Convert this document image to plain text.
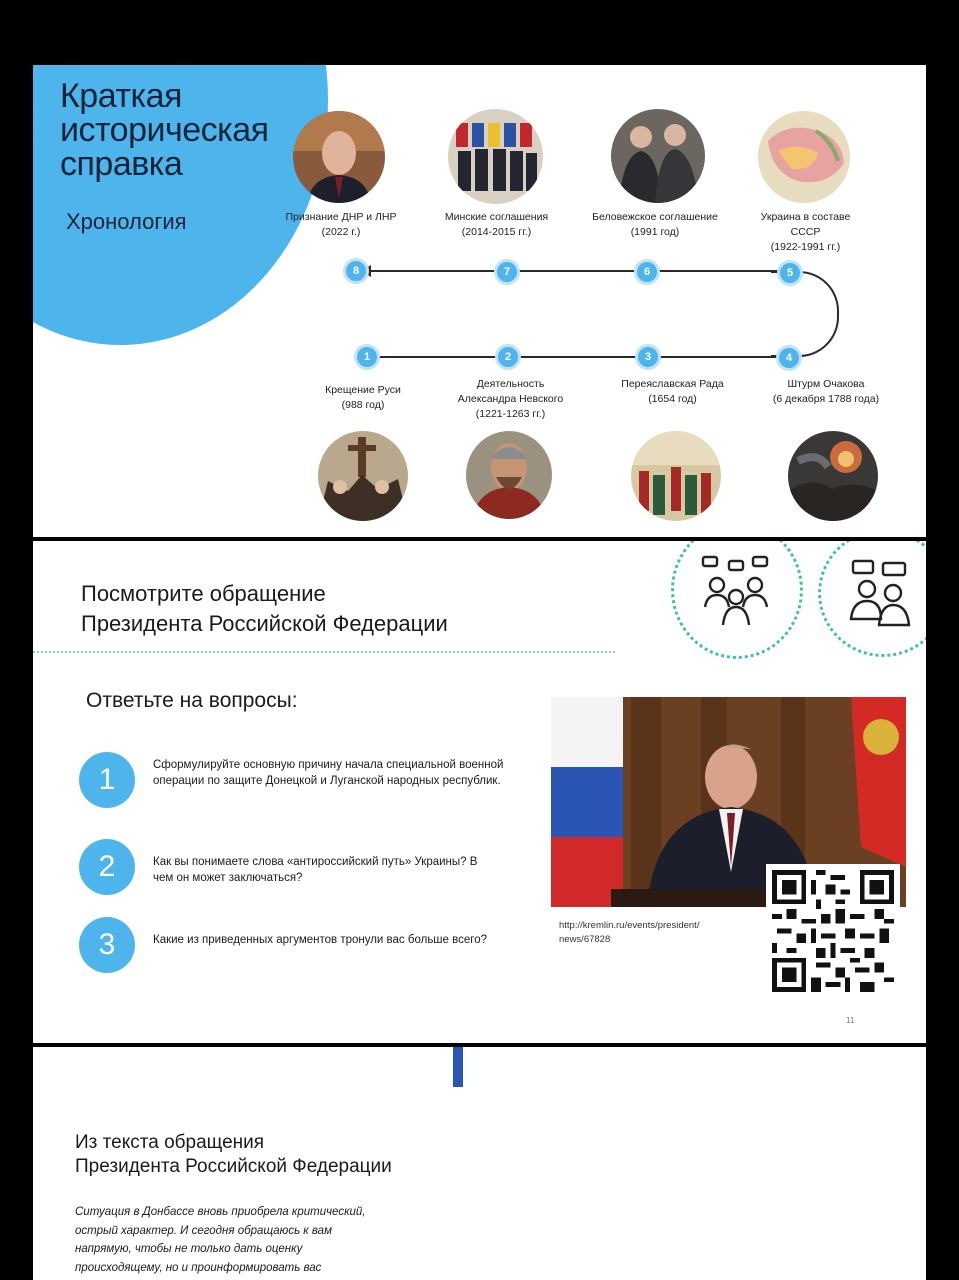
Краткая
историческая
справка
Хронология	Признание ДНР и ЛНР
(2022 г.)
Минские соглашения
(2014-2015 гг.)
Беловежское соглашение
(1991 год)
Украина в составе
СССР
(1922-1991 гг.)
8	7	6	5
1	2	3	4
Крещение Руси
(988 год)
Деятельность
Александра Невского
(1221-1263 гг.)
Переяславская Рада
(1654 год)
Штурм Очакова
(6 декабря 1788 года)
Посмотрите обращение
Президента Российской Федерации
Ответьте на вопросы:
1	Сформулируйте основную причину начала специальной военной операции по защите Донецкой и Луганской народных республик.
2	Как вы понимаете слова «антироссийский путь» Украины? В чем он может заключаться?
3	Какие из приведенных аргументов тронули вас больше всего?
http://kremlin.ru/events/president/
news/67828
11
Из текста обращения
Президента Российской Федерации
Ситуация в Донбассе вновь приобрела критический,
острый характер. И сегодня обращаюсь к вам
напрямую, чтобы не только дать оценку
происходящему, но и проинформировать вас
